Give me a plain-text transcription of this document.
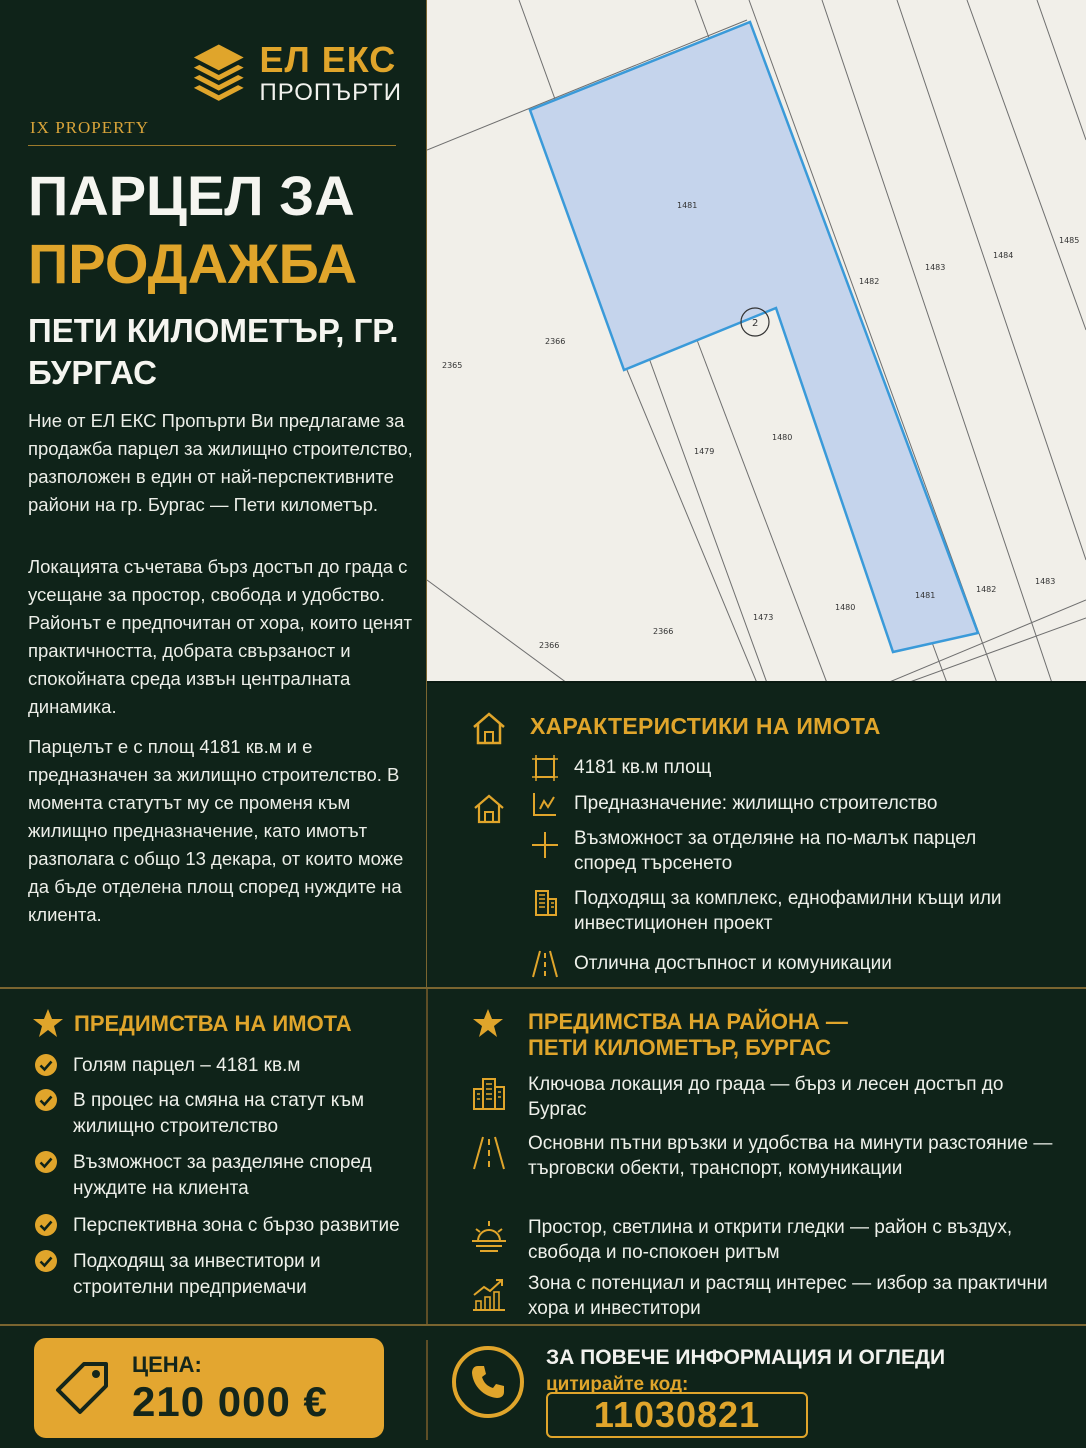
ЕЛ ЕКС
ПРОПЪРТИ
IX PROPERTY
ПАРЦЕЛ ЗА
ПРОДАЖБА
ПЕТИ КИЛОМЕТЪР, ГР. БУРГАС

Ние от ЕЛ ЕКС Пропърти Ви предлагаме за продажба парцел за жилищно строителство, разположен в един от най-перспективните райони на гр. Бургас — Пети километър.

Локацията съчетава бърз достъп до града с усещане за простор, свобода и удобство. Районът е предпочитан от хора, които ценят практичността, добрата свързаност и спокойната среда извън централната динамика.

Парцелът е с площ 4181 кв.м и е предназначен за жилищно строителство. В момента статутът му се променя към жилищно предназначение, като имотът разполага с общо 13 декара, от които може да бъде отделена площ според нуждите на клиента.

1481
1482
1483
1484
1485
2366
2365
1480
1479
1473
1480
1481
1482
1483
2366
2366
2
ХАРАКТЕРИСТИКИ НА ИМОТА
4181 кв.м площ
Предназначение: жилищно строителство
Възможност за отделяне на по-малък парцел според търсенето
Подходящ за комплекс, еднофамилни къщи или инвестиционен проект
Отлична достъпност и комуникации
ПРЕДИМСТВА НА ИМОТА
Голям парцел – 4181 кв.м
В процес на смяна на статут към жилищно строителство
Възможност за разделяне според нуждите на клиента
Перспективна зона с бързо развитие
Подходящ за инвеститори и строителни предприемачи
ПРЕДИМСТВА НА РАЙОНА —
ПЕТИ КИЛОМЕТЪР, БУРГАС
Ключова локация до града — бърз и лесен достъп до Бургас
Основни пътни връзки и удобства на минути разстояние — търговски обекти, транспорт, комуникации
Простор, светлина и открити гледки — район с въздух, свобода и по-спокоен ритъм
Зона с потенциал и растящ интерес — избор за практични хора и инвеститори
ЦЕНА:
210 000 €
ЗА ПОВЕЧЕ ИНФОРМАЦИЯ И ОГЛЕДИ
цитирайте код:
11030821
